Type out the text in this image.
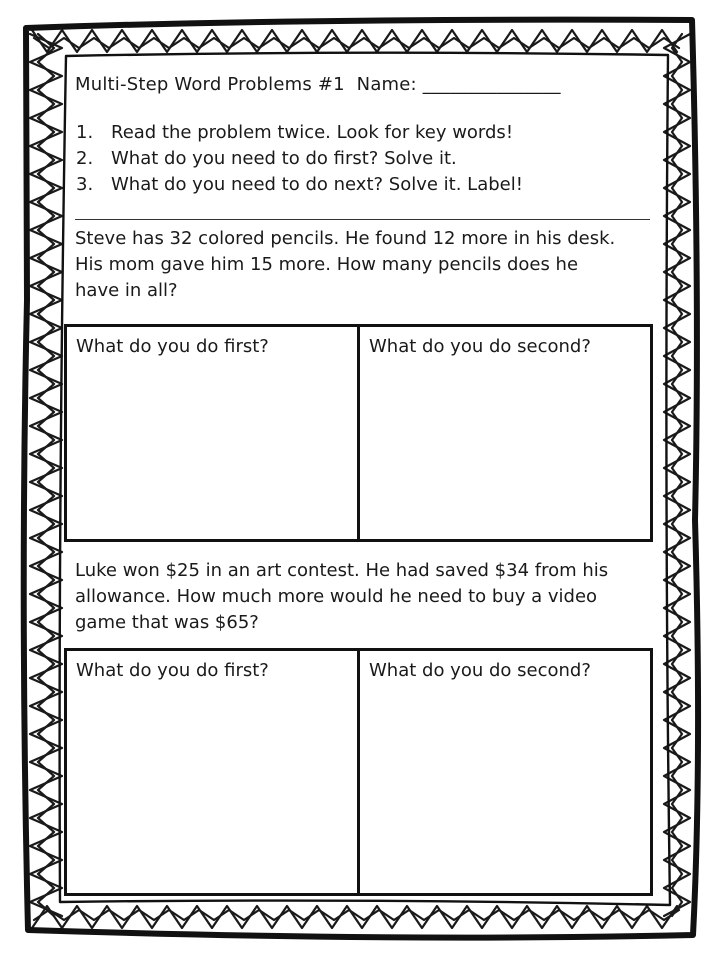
Multi-Step Word Problems #1 Name: _______________
1. Read the problem twice. Look for key words!
2. What do you need to do first? Solve it.
3. What do you need to do next? Solve it. Label!
Steve has 32 colored pencils. He found 12 more in his desk.
His mom gave him 15 more. How many pencils does he
have in all?
What do you do first?	What do you do second?
Luke won $25 in an art contest. He had saved $34 from his
allowance. How much more would he need to buy a video
game that was $65?
What do you do first?	What do you do second?
